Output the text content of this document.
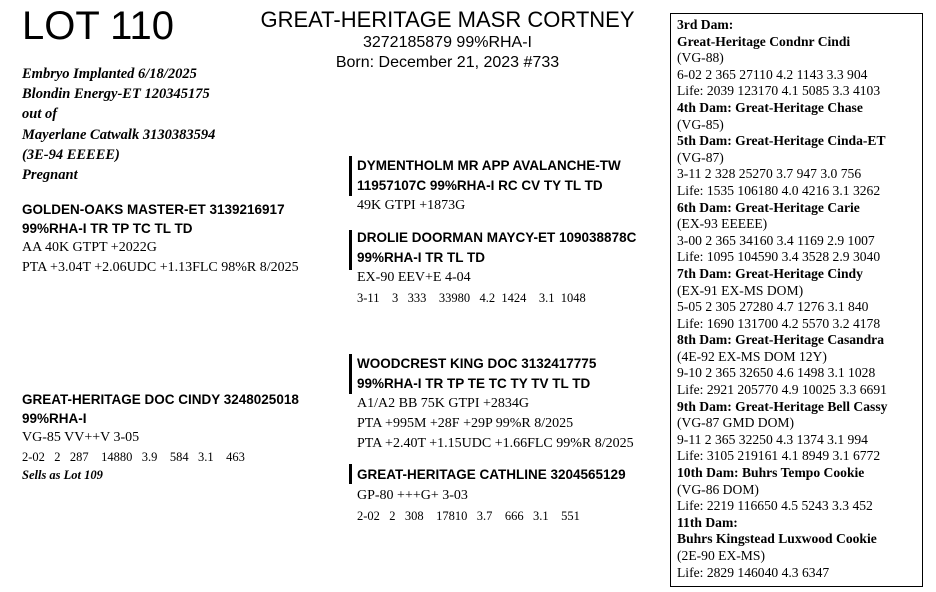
LOT 110	GREAT-HERITAGE MASR CORTNEY
3272185879 99%RHA-I
Born: December 21, 2023 #733
Embryo Implanted 6/18/2025
Blondin Energy-ET 120345175
out of
Mayerlane Catwalk 3130383594
(3E-94 EEEEE)
Pregnant
GOLDEN-OAKS MASTER-ET 3139216917
99%RHA-I TR TP TC TL TD
AA 40K GTPT +2022G
PTA +3.04T +2.06UDC +1.13FLC 98%R 8/2025
GREAT-HERITAGE DOC CINDY 3248025018
99%RHA-I
VG-85 VV++V 3-05
2-02   2   287    14880   3.9    584   3.1    463
Sells as Lot 109
DYMENTHOLM MR APP AVALANCHE-TW
11957107C 99%RHA-I RC CV TY TL TD
49K GTPI +1873G
DROLIE DOORMAN MAYCY-ET 109038878C
99%RHA-I TR TL TD
EX-90 EEV+E 4-04
3-11    3   333    33980   4.2  1424    3.1  1048
WOODCREST KING DOC 3132417775
99%RHA-I TR TP TE TC TY TV TL TD
A1/A2 BB 75K GTPI +2834G
PTA +995M +28F +29P 99%R 8/2025
PTA +2.40T +1.15UDC +1.66FLC 99%R 8/2025
GREAT-HERITAGE CATHLINE 3204565129
GP-80 +++G+ 3-03
2-02   2   308    17810   3.7    666   3.1    551
3rd Dam:
Great-Heritage Condnr Cindi
(VG-88)
6-02 2 365 27110 4.2 1143 3.3 904
Life: 2039 123170 4.1 5085 3.3 4103
4th Dam: Great-Heritage Chase
(VG-85)
5th Dam: Great-Heritage Cinda-ET
(VG-87)
3-11 2 328 25270 3.7 947 3.0 756
Life: 1535 106180 4.0 4216 3.1 3262
6th Dam: Great-Heritage Carie
(EX-93 EEEEE)
3-00 2 365 34160 3.4 1169 2.9 1007
Life: 1095 104590 3.4 3528 2.9 3040
7th Dam: Great-Heritage Cindy
(EX-91 EX-MS DOM)
5-05 2 305 27280 4.7 1276 3.1 840
Life: 1690 131700 4.2 5570 3.2 4178
8th Dam: Great-Heritage Casandra
(4E-92 EX-MS DOM 12Y)
9-10 2 365 32650 4.6 1498 3.1 1028
Life: 2921 205770 4.9 10025 3.3 6691
9th Dam: Great-Heritage Bell Cassy
(VG-87 GMD DOM)
9-11 2 365 32250 4.3 1374 3.1 994
Life: 3105 219161 4.1 8949 3.1 6772
10th Dam: Buhrs Tempo Cookie
(VG-86 DOM)
Life: 2219 116650 4.5 5243 3.3 452
11th Dam:
Buhrs Kingstead Luxwood Cookie
(2E-90 EX-MS)
Life: 2829 146040 4.3 6347
